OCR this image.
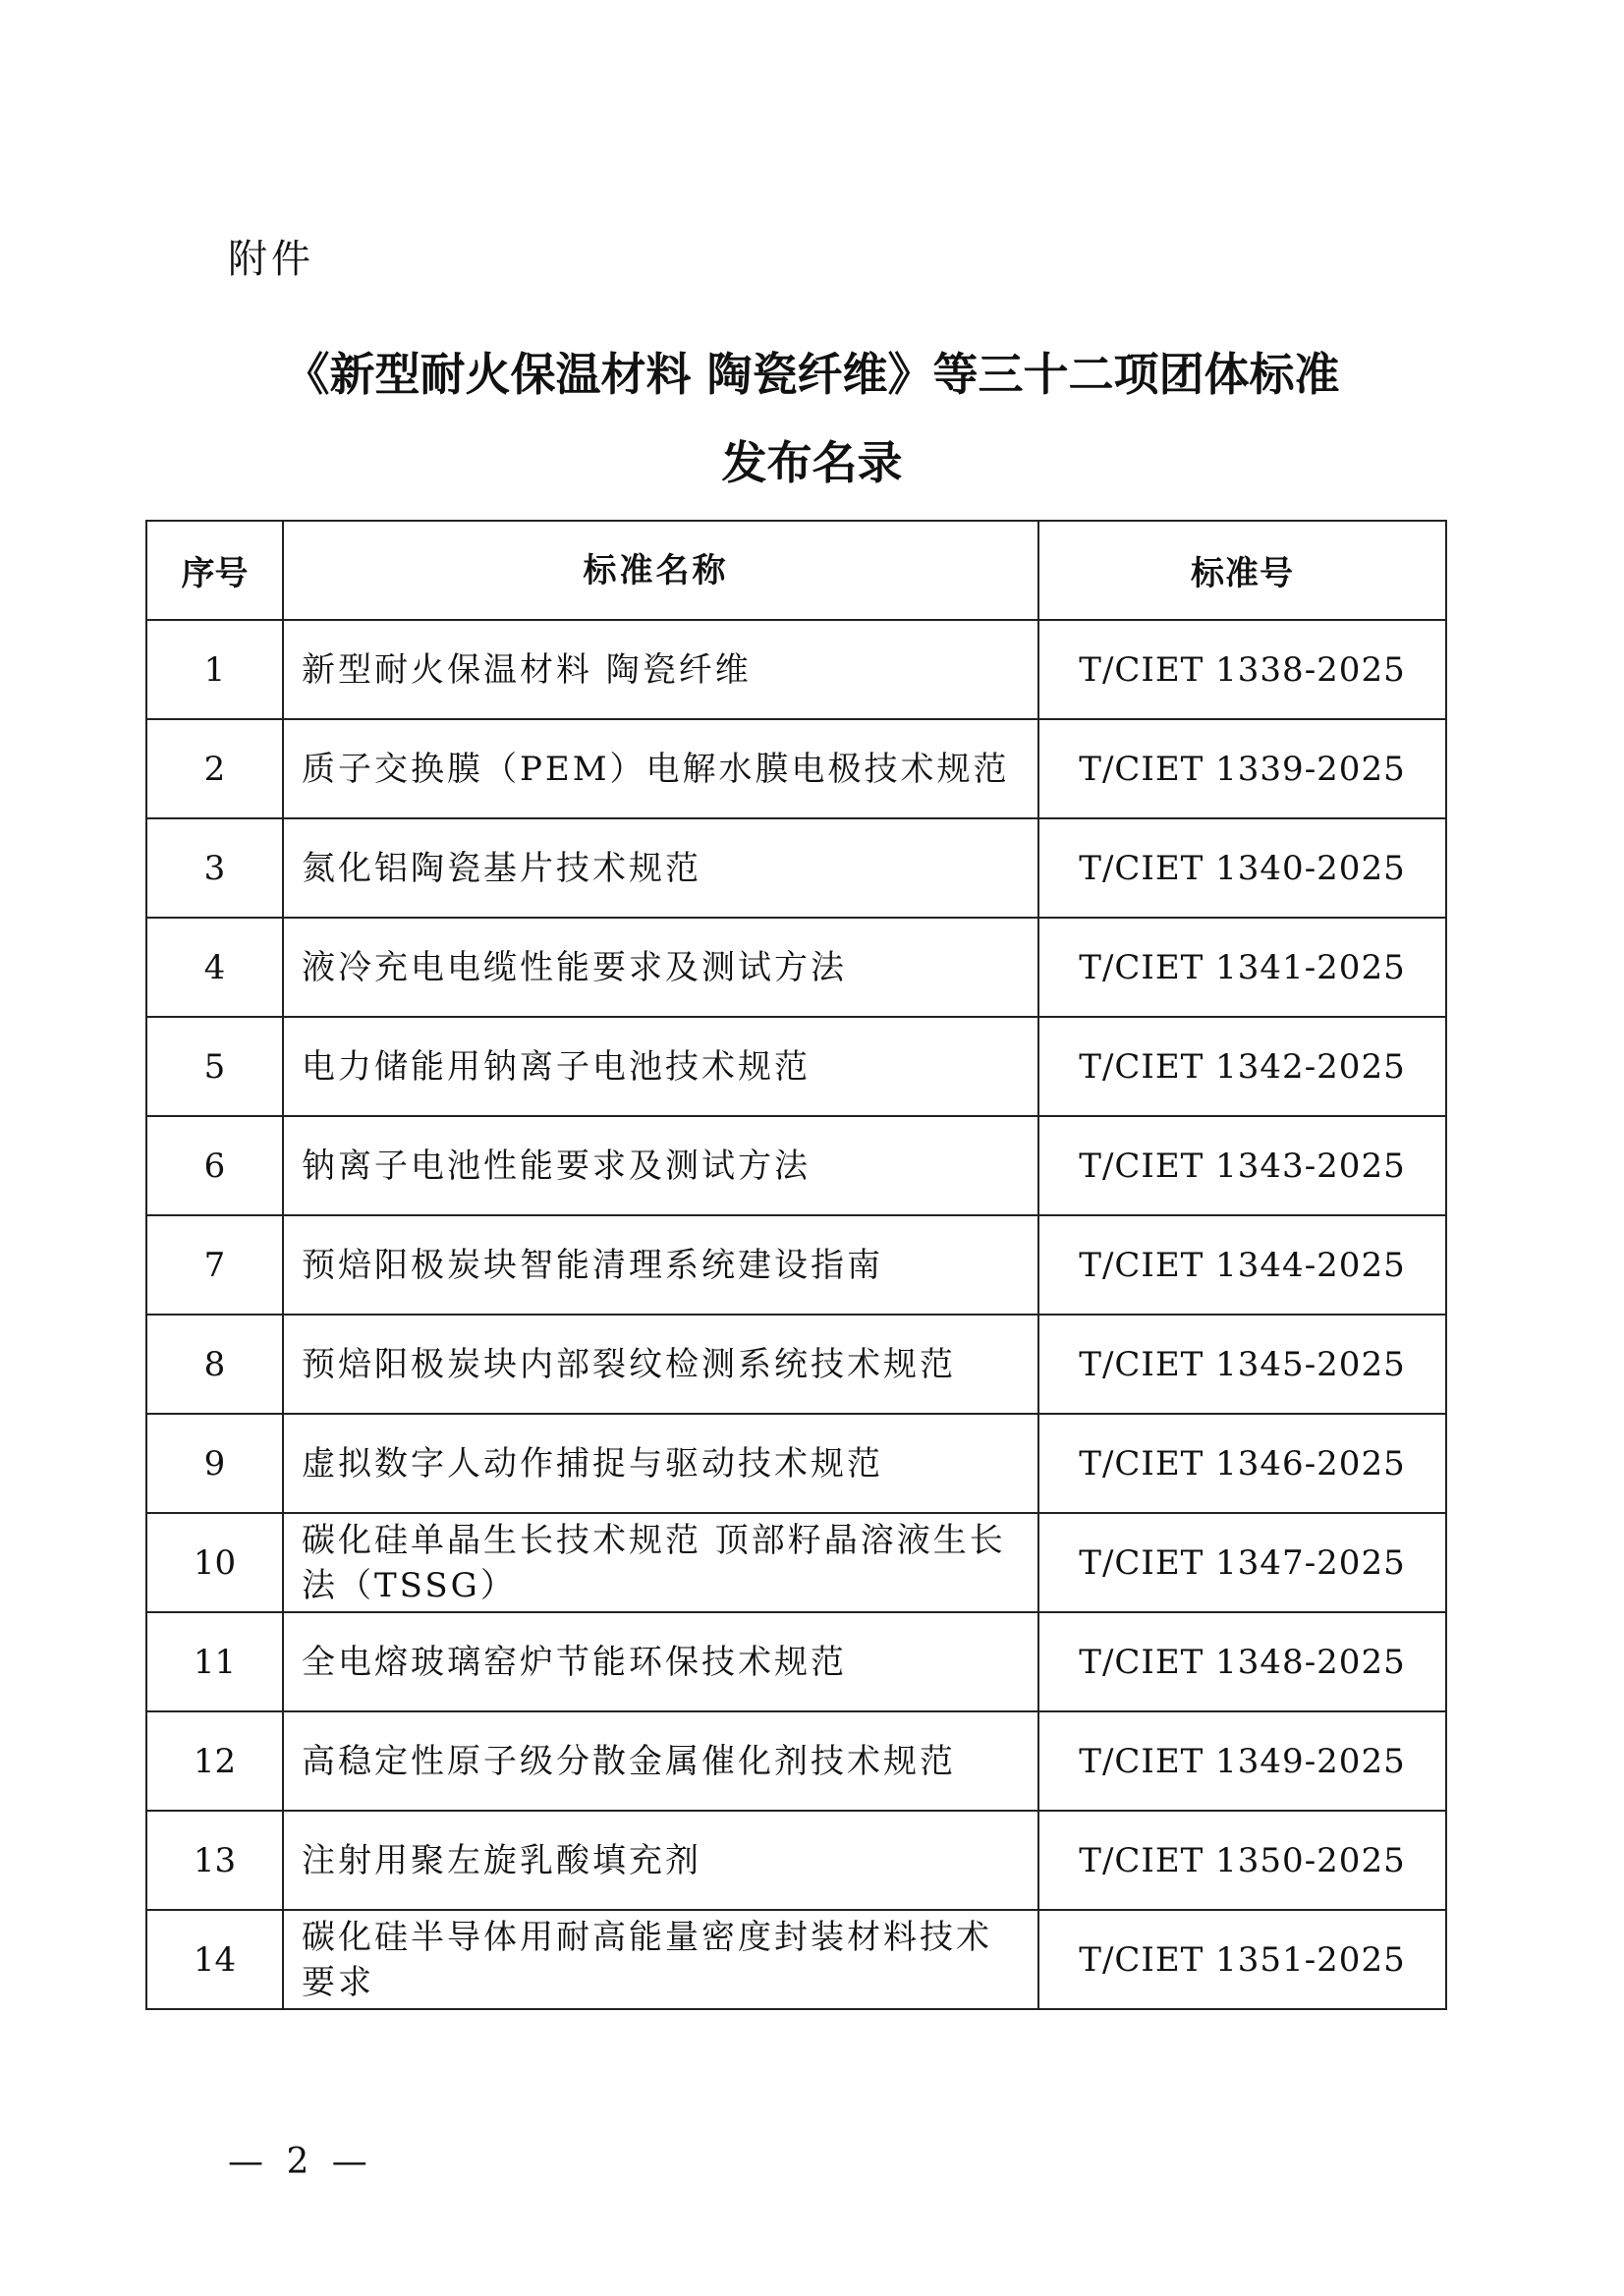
附件
《新型耐火保温材料 陶瓷纤维》等三十二项团体标准
发布名录
序号	标准名称	标准号
1	新型耐火保温材料 陶瓷纤维	T/CIET 1338-2025
2	质子交换膜（PEM）电解水膜电极技术规范	T/CIET 1339-2025
3	氮化铝陶瓷基片技术规范	T/CIET 1340-2025
4	液冷充电电缆性能要求及测试方法	T/CIET 1341-2025
5	电力储能用钠离子电池技术规范	T/CIET 1342-2025
6	钠离子电池性能要求及测试方法	T/CIET 1343-2025
7	预焙阳极炭块智能清理系统建设指南	T/CIET 1344-2025
8	预焙阳极炭块内部裂纹检测系统技术规范	T/CIET 1345-2025
9	虚拟数字人动作捕捉与驱动技术规范	T/CIET 1346-2025
10	碳化硅单晶生长技术规范 顶部籽晶溶液生长法（TSSG）	T/CIET 1347-2025
11	全电熔玻璃窑炉节能环保技术规范	T/CIET 1348-2025
12	高稳定性原子级分散金属催化剂技术规范	T/CIET 1349-2025
13	注射用聚左旋乳酸填充剂	T/CIET 1350-2025
14	碳化硅半导体用耐高能量密度封装材料技术要求	T/CIET 1351-2025
— 2 —
